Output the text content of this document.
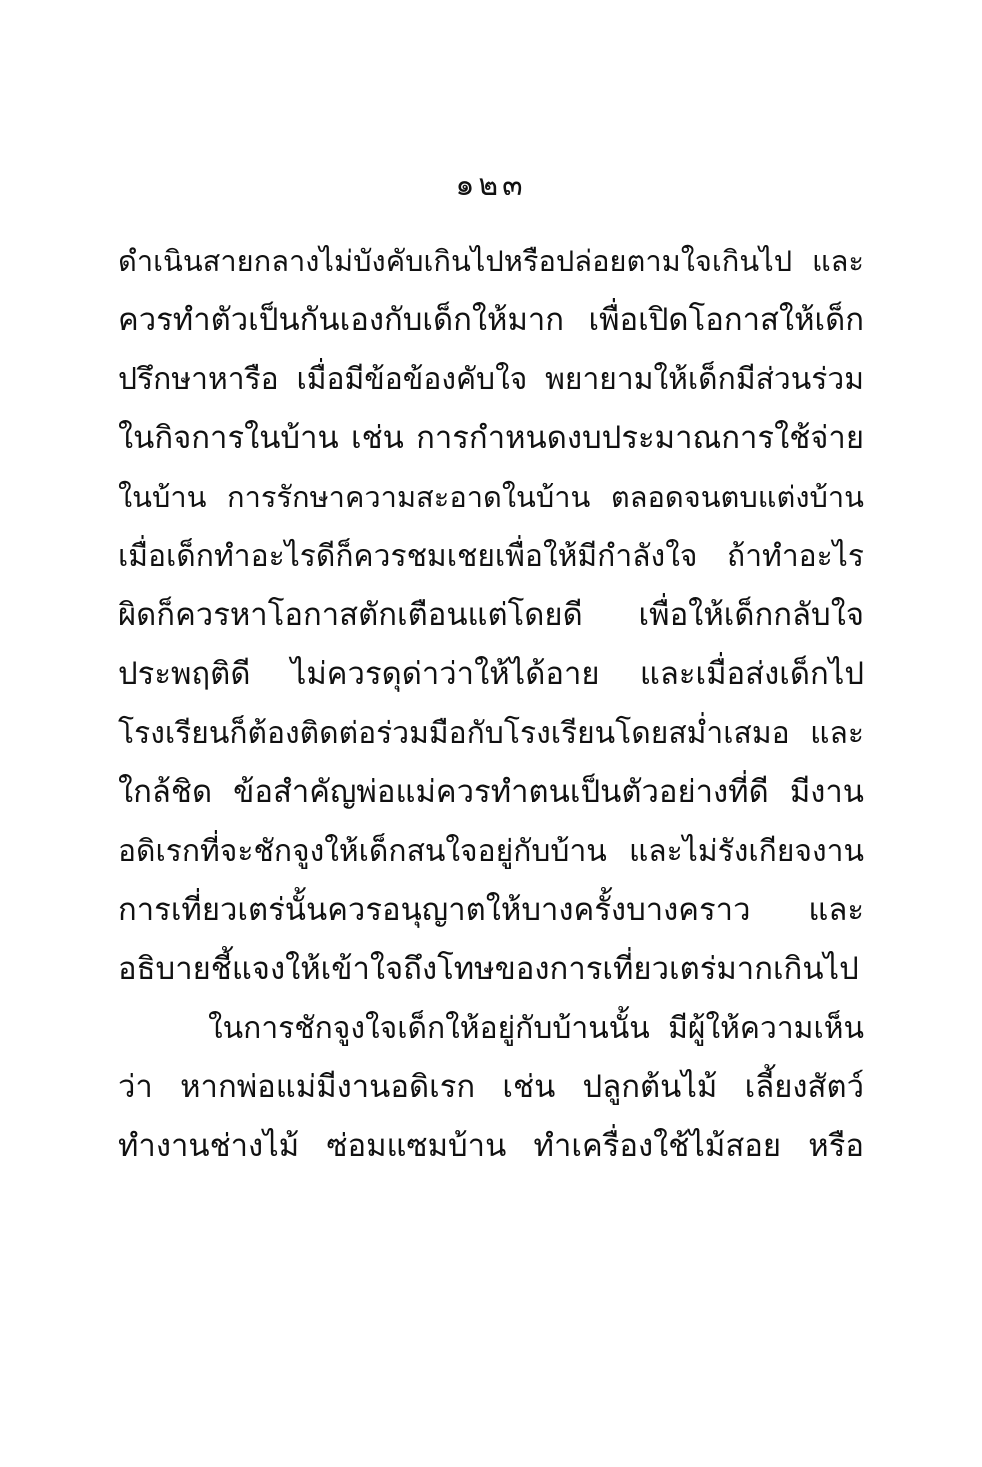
๑๒๓
ดำเนินสายกลางไม่บังคับเกินไปหรือปล่อยตามใจเกินไป และ
ควรทำตัวเป็นกันเองกับเด็กให้มาก เพื่อเปิดโอกาสให้เด็ก
ปรึกษาหารือ เมื่อมีข้อข้องคับใจ พยายามให้เด็กมีส่วนร่วม
ในกิจการในบ้าน เช่น การกำหนดงบประมาณการใช้จ่าย
ในบ้าน การรักษาความสะอาดในบ้าน ตลอดจนตบแต่งบ้าน
เมื่อเด็กทำอะไรดีก็ควรชมเชยเพื่อให้มีกำลังใจ ถ้าทำอะไร
ผิดก็ควรหาโอกาสตักเตือนแต่โดยดี เพื่อให้เด็กกลับใจ
ประพฤติดี ไม่ควรดุด่าว่าให้ได้อาย และเมื่อส่งเด็กไป
โรงเรียนก็ต้องติดต่อร่วมมือกับโรงเรียนโดยสม่ำเสมอ และ
ใกล้ชิด ข้อสำคัญพ่อแม่ควรทำตนเป็นตัวอย่างที่ดี มีงาน
อดิเรกที่จะชักจูงให้เด็กสนใจอยู่กับบ้าน และไม่รังเกียจงาน
การเที่ยวเตร่นั้นควรอนุญาตให้บางครั้งบางคราว และ
อธิบายชี้แจงให้เข้าใจถึงโทษของการเที่ยวเตร่มากเกินไป
ในการชักจูงใจเด็กให้อยู่กับบ้านนั้น มีผู้ให้ความเห็น
ว่า หากพ่อแม่มีงานอดิเรก เช่น ปลูกต้นไม้ เลี้ยงสัตว์
ทำงานช่างไม้ ซ่อมแซมบ้าน ทำเครื่องใช้ไม้สอย หรือ
